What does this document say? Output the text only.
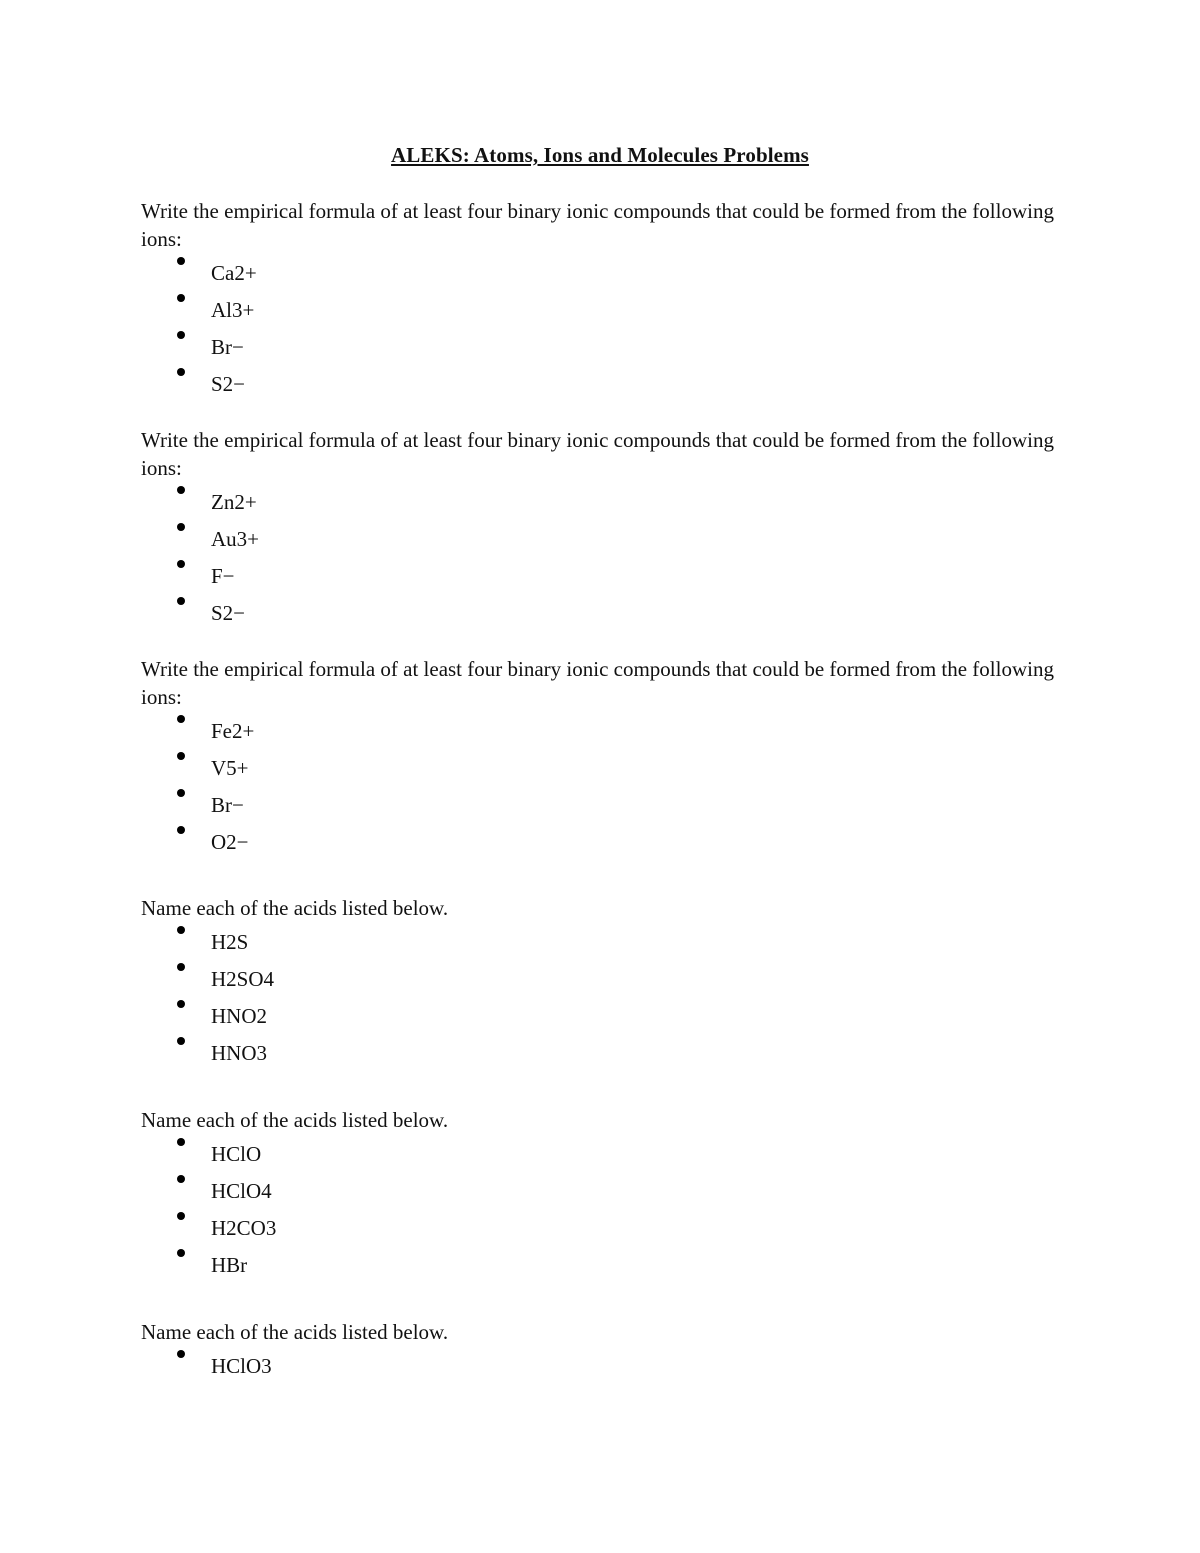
ALEKS: Atoms, Ions and Molecules Problems

Write the empirical formula of at least four binary ionic compounds that could be formed from the following ions:

Ca2+
Al3+
Br−
S2−

Write the empirical formula of at least four binary ionic compounds that could be formed from the following ions:

Zn2+
Au3+
F−
S2−

Write the empirical formula of at least four binary ionic compounds that could be formed from the following ions:

Fe2+
V5+
Br−
O2−

Name each of the acids listed below.

H2S
H2SO4
HNO2
HNO3

Name each of the acids listed below.

HClO
HClO4
H2CO3
HBr

Name each of the acids listed below.

HClO3
